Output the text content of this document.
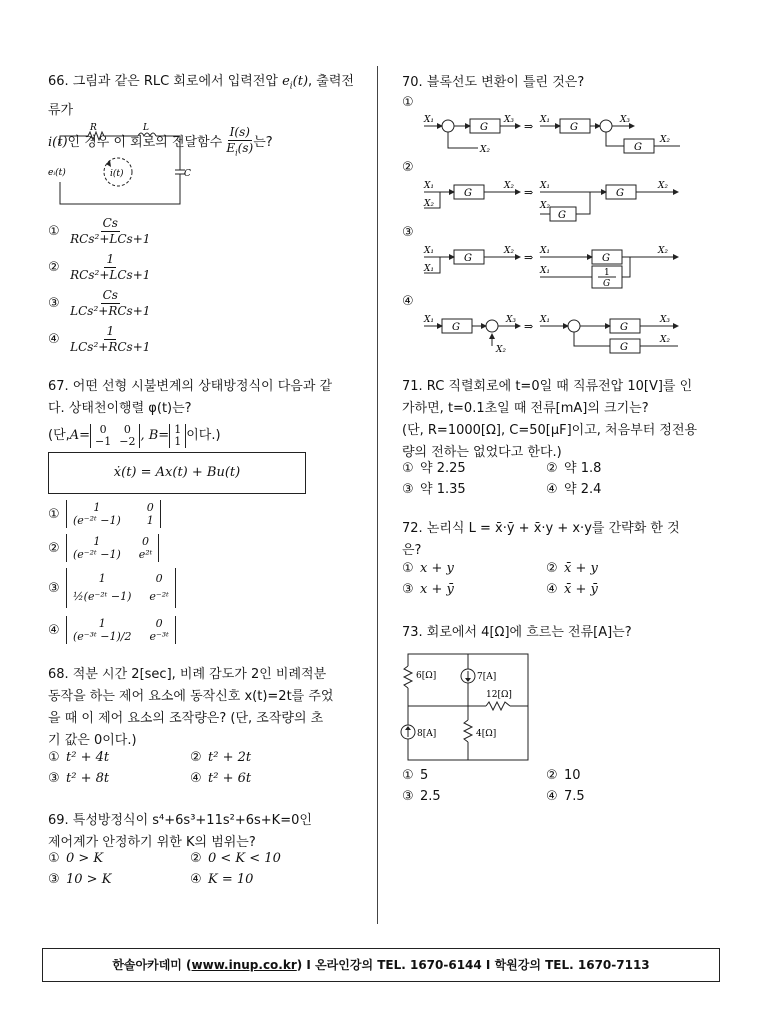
66. 그림과 같은 RLC 회로에서 입력전압 $e_i(t)$, 출력전류가
i(t)인 경우 이 회로의 전달함수 $\frac{I(s)}{E_i(s)}$ 는?
R	L
C
eᵢ(t)	i(t)
① $\frac{Cs}{\text{RCs²+LCs+1}}$
② $\frac{1}{\text{RCs²+LCs+1}}$
③ $\frac{Cs}{\text{LCs²+RCs+1}}$
④ $\frac{1}{\text{LCs²+RCs+1}}$
67. 어떤 선형 시불변계의 상태방정식이 다음과 같
다. 상태천이행렬 φ(t)는?
(단, A= 0	0
−1 −2 , B= 1
1 이다.)
ẋ(t) = Ax(t) + Bu(t)
①	1	0
(e⁻²ᵗ −1) 1
②	1	0
(e⁻²ᵗ −1) e²ᵗ
③
1	0
½(e⁻²ᵗ −1) e⁻²ᵗ
④	1	0
(e⁻³ᵗ −1)/2 e⁻³ᵗ
68. 적분 시간 2[sec], 비례 감도가 2인 비례적분
동작을 하는 제어 요소에 동작신호 x(t)=2t를 주었
을 때 이 제어 요소의 조작량은? (단, 조작량의 초
기 값은 0이다.)
① t² + 4t	② t² + 2t
③ t² + 8t	④ t² + 6t
69. 특성방정식이 s⁴+6s³+11s²+6s+K=0인
제어계가 안정하기 위한 K의 범위는?
① 0 > K	② 0 < K < 10
③ 10 > K	④ K = 10
70. 블록선도 변환이 틀린 것은?
①
G
X₁	X₃
X₂
⇒	G
G
X₁	X₃
X₂
②
G
X₁	X₂
X₂
⇒	G
G
X₁	X₂
X₂
③
G
X₁	X₂
X₁
⇒	G
1
G
X₁	X₂
X₁
④
G
X₁	X₃
X₂
⇒	G
G
X₁	X₃
X₂
71. RC 직렬회로에 t=0일 때 직류전압 10[V]를 인
가하면, t=0.1초일 때 전류[mA]의 크기는?
(단, R=1000[Ω], C=50[μF]이고, 처음부터 정전용
량의 전하는 없었다고 한다.)
① 약 2.25	② 약 1.8
③ 약 1.35	④ 약 2.4
72. 논리식 L = x̄·ȳ + x̄·y + x·y를 간략화 한 것
은?
① x + y	② x̄ + y
③ x + ȳ	④ x̄ + ȳ
73. 회로에서 4[Ω]에 흐르는 전류[A]는?
6[Ω]	7[A]
12[Ω]
8[A]	4[Ω]
① 5	② 10
③ 2.5	④ 7.5
한솔아카데미 (www.inup.co.kr) I 온라인강의 TEL. 1670-6144 I 학원강의 TEL. 1670-7113
